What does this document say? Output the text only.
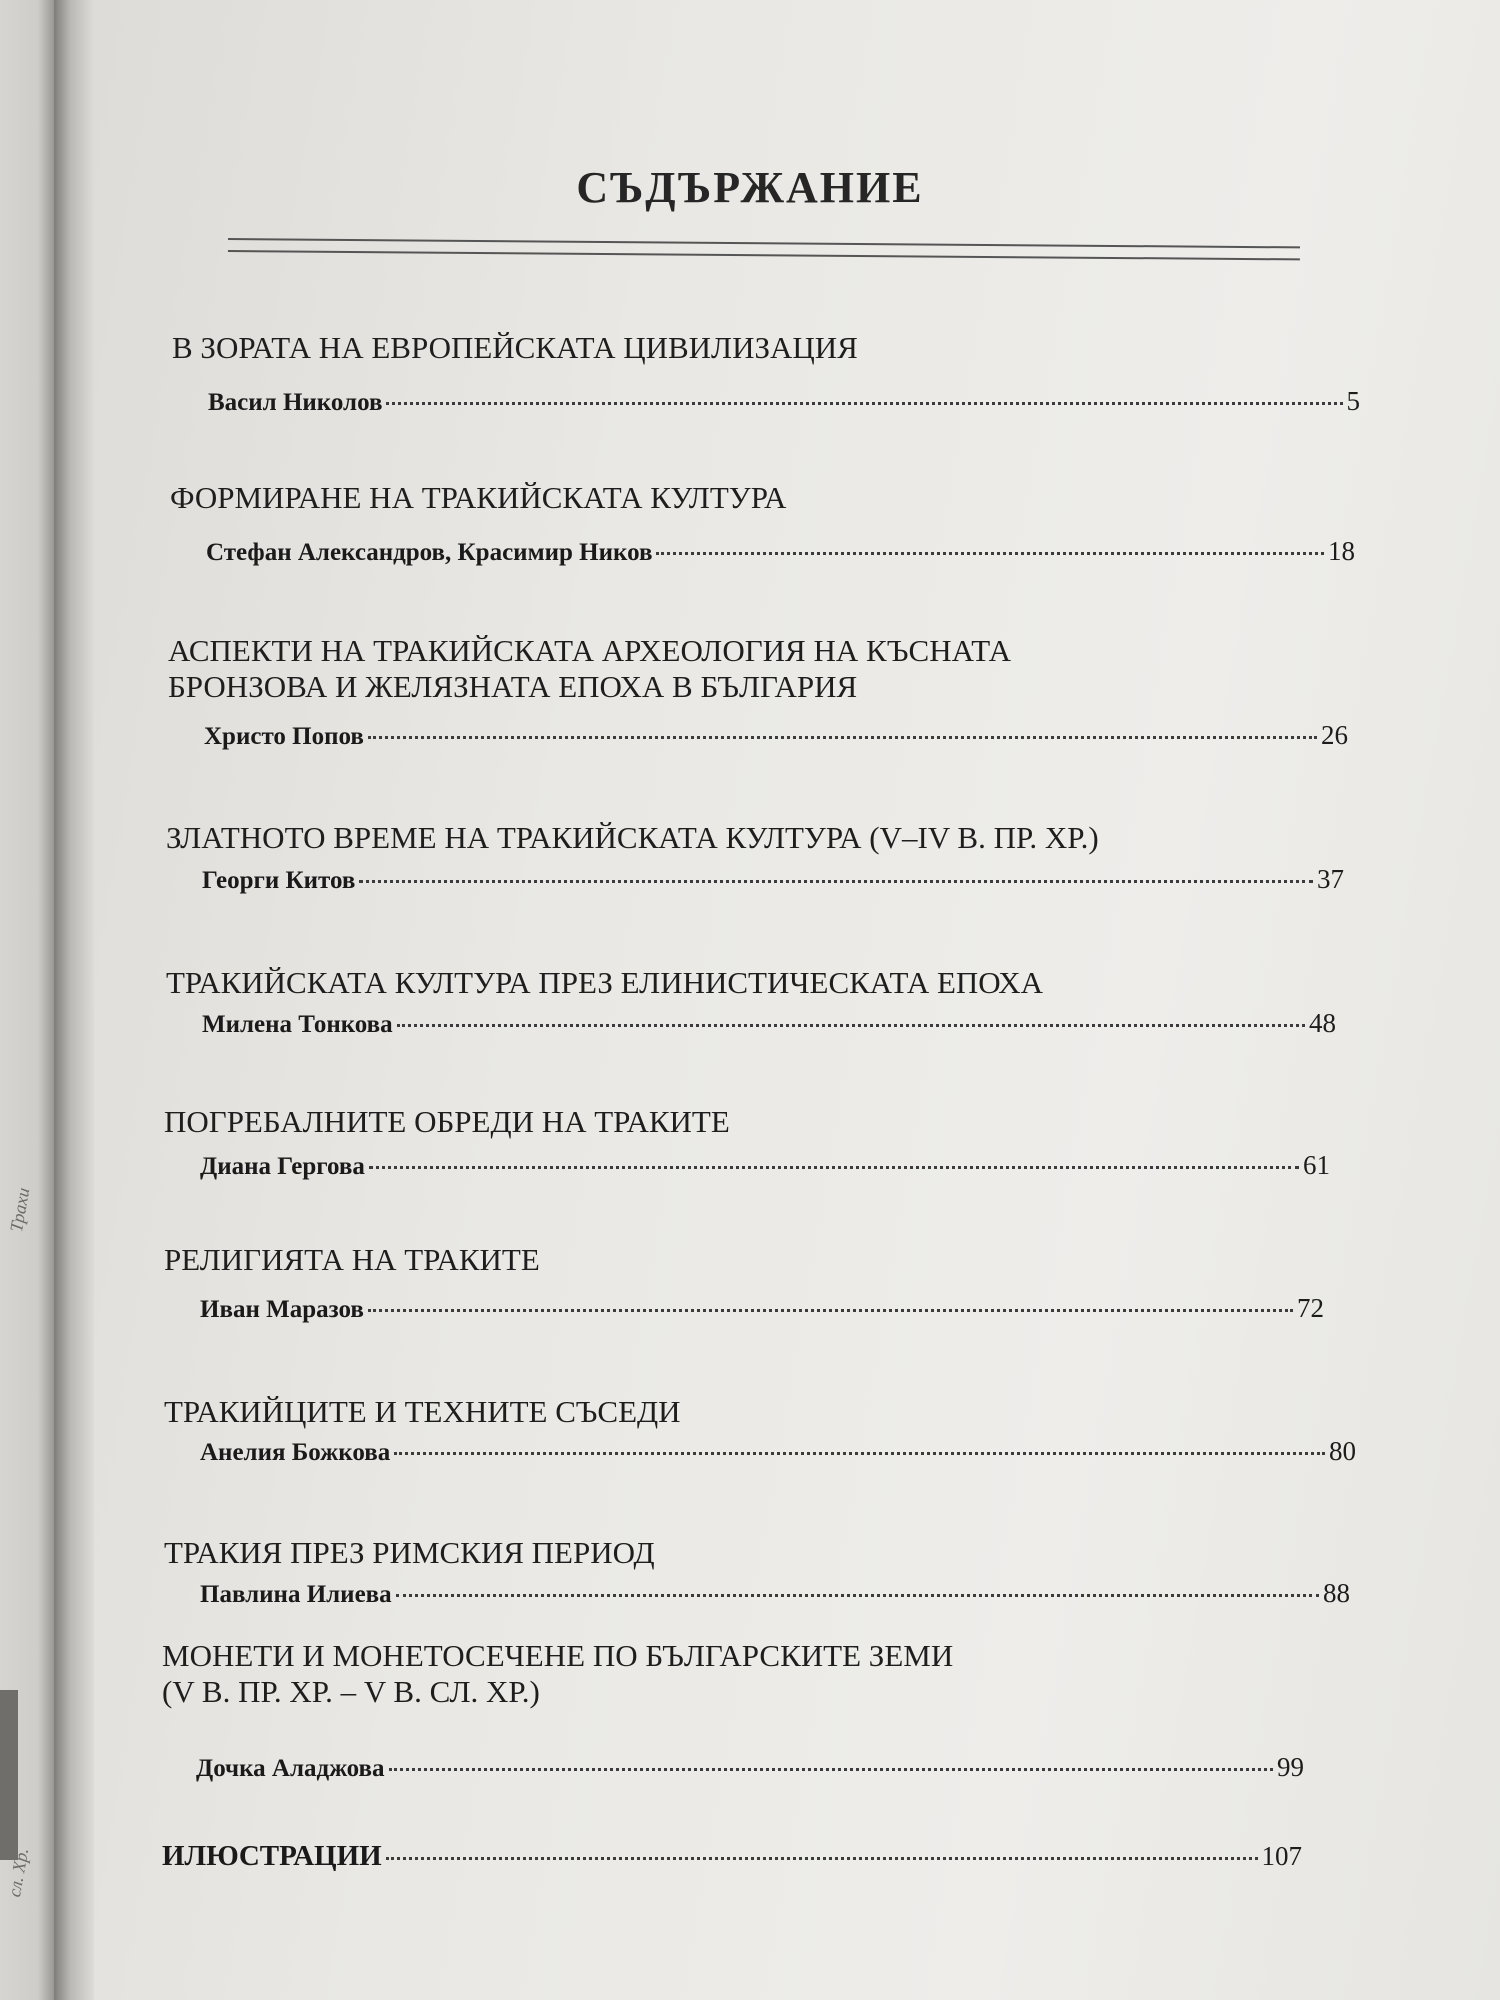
Трахи
сл. Хр.
СЪДЪРЖАНИЕ
В ЗОРАТА НА ЕВРОПЕЙСКАТА ЦИВИЛИЗАЦИЯ
Васил Николов	5
ФОРМИРАНЕ НА ТРАКИЙСКАТА КУЛТУРА
Стефан Александров, Красимир Ников	18
АСПЕКТИ НА ТРАКИЙСКАТА АРХЕОЛОГИЯ НА КЪСНАТА
БРОНЗОВА И ЖЕЛЯЗНАТА ЕПОХА В БЪЛГАРИЯ
Христо Попов	26
ЗЛАТНОТО ВРЕМЕ НА ТРАКИЙСКАТА КУЛТУРА (V–IV В. ПР. ХР.)
Георги Китов	37
ТРАКИЙСКАТА КУЛТУРА ПРЕЗ ЕЛИНИСТИЧЕСКАТА ЕПОХА
Милена Тонкова	48
ПОГРЕБАЛНИТЕ ОБРЕДИ НА ТРАКИТЕ
Диана Гергова	61
РЕЛИГИЯТА НА ТРАКИТЕ
Иван Маразов	72
ТРАКИЙЦИТЕ И ТЕХНИТЕ СЪСЕДИ
Анелия Божкова	80
ТРАКИЯ ПРЕЗ РИМСКИЯ ПЕРИОД
Павлина Илиева	88
МОНЕТИ И МОНЕТОСЕЧЕНЕ ПО БЪЛГАРСКИТЕ ЗЕМИ
(V В. ПР. ХР. – V В. СЛ. ХР.)
Дочка Аладжова	99
ИЛЮСТРАЦИИ	107
